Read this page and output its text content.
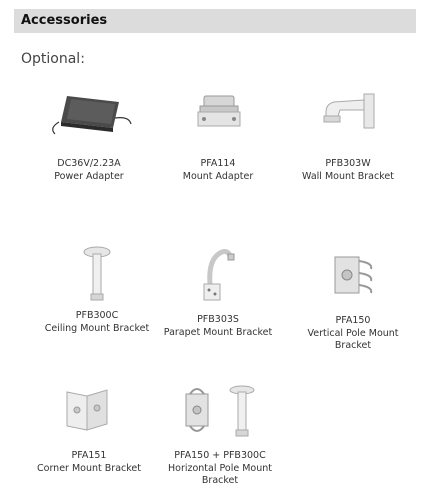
Accessories
Optional:
DC36V/2.23A
Power Adapter
PFA114
Mount Adapter
PFB303W
Wall Mount Bracket
PFB300C
Ceiling Mount Bracket
PFB303S
Parapet Mount Bracket
PFA150
Vertical Pole Mount
Bracket
PFA151
Corner Mount Bracket
PFA150 + PFB300C
Horizontal Pole Mount
Bracket
